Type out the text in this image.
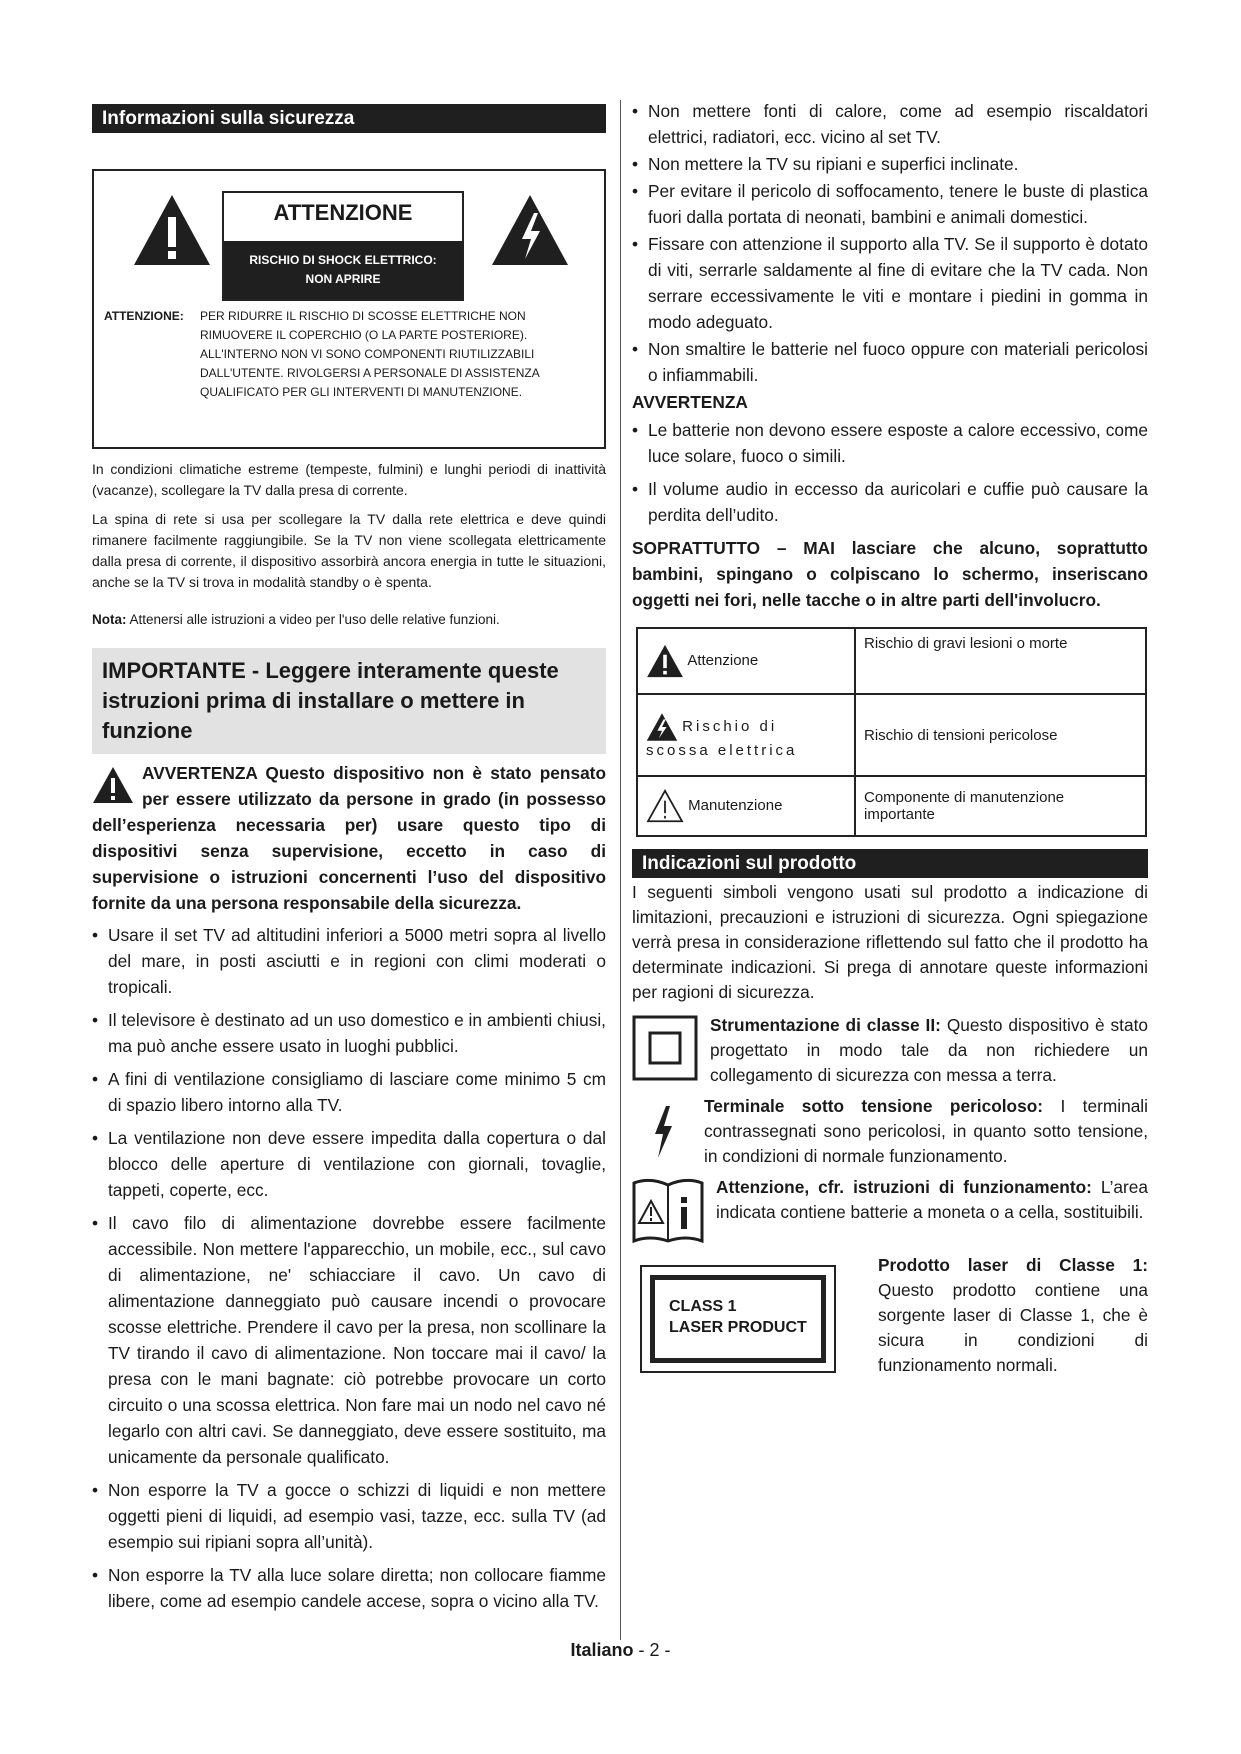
Informazioni sulla sicurezza
ATTENZIONE
RISCHIO DI SHOCK ELETTRICO:
NON APRIRE
ATTENZIONE: PER RIDURRE IL RISCHIO DI SCOSSE ELETTRICHE NON
RIMUOVERE IL COPERCHIO (O LA PARTE POSTERIORE).
ALL'INTERNO NON VI SONO COMPONENTI RIUTILIZZABILI
DALL'UTENTE. RIVOLGERSI A PERSONALE DI ASSISTENZA
QUALIFICATO PER GLI INTERVENTI DI MANUTENZIONE.

In condizioni climatiche estreme (tempeste, fulmini) e lunghi periodi di inattività (vacanze), scollegare la TV dalla presa di corrente.

La spina di rete si usa per scollegare la TV dalla rete elettrica e deve quindi rimanere facilmente raggiungibile. Se la TV non viene scollegata elettricamente dalla presa di corrente, il dispositivo assorbirà ancora energia in tutte le situazioni, anche se la TV si trova in modalità standby o è spenta.

Nota: Attenersi alle istruzioni a video per l'uso delle relative funzioni.

IMPORTANTE - Leggere interamente queste istruzioni prima di installare o mettere in funzione
AVVERTENZA Questo dispositivo non è stato pensato per essere utilizzato da persone in grado (in possesso dell’esperienza necessaria per) usare questo tipo di dispositivi senza supervisione, eccetto in caso di supervisione o istruzioni concernenti l’uso del dispositivo fornite da una persona responsabile della sicurezza.
• Usare il set TV ad altitudini inferiori a 5000 metri sopra al livello del mare, in posti asciutti e in regioni con climi moderati o tropicali.
• Il televisore è destinato ad un uso domestico e in ambienti chiusi, ma può anche essere usato in luoghi pubblici.
• A fini di ventilazione consigliamo di lasciare come minimo 5 cm di spazio libero intorno alla TV.
• La ventilazione non deve essere impedita dalla copertura o dal blocco delle aperture di ventilazione con giornali, tovaglie, tappeti, coperte, ecc.
• Il cavo filo di alimentazione dovrebbe essere facilmente accessibile. Non mettere l'apparecchio, un mobile, ecc., sul cavo di alimentazione, ne' schiacciare il cavo. Un cavo di alimentazione danneggiato può causare incendi o provocare scosse elettriche. Prendere il cavo per la presa, non scollinare la TV tirando il cavo di alimentazione. Non toccare mai il cavo/ la presa con le mani bagnate: ciò potrebbe provocare un corto circuito o una scossa elettrica. Non fare mai un nodo nel cavo né legarlo con altri cavi. Se danneggiato, deve essere sostituito, ma unicamente da personale qualificato.
• Non esporre la TV a gocce o schizzi di liquidi e non mettere oggetti pieni di liquidi, ad esempio vasi, tazze, ecc. sulla TV (ad esempio sui ripiani sopra all’unità).
• Non esporre la TV alla luce solare diretta; non collocare fiamme libere, come ad esempio candele accese, sopra o vicino alla TV.
• Non mettere fonti di calore, come ad esempio riscaldatori elettrici, radiatori, ecc. vicino al set TV.
• Non mettere la TV su ripiani e superfici inclinate.
• Per evitare il pericolo di soffocamento, tenere le buste di plastica fuori dalla portata di neonati, bambini e animali domestici.
• Fissare con attenzione il supporto alla TV. Se il supporto è dotato di viti, serrarle saldamente al fine di evitare che la TV cada. Non serrare eccessivamente le viti e montare i piedini in gomma in modo adeguato.
• Non smaltire le batterie nel fuoco oppure con materiali pericolosi o infiammabili.
AVVERTENZA
• Le batterie non devono essere esposte a calore eccessivo, come luce solare, fuoco o simili.
• Il volume audio in eccesso da auricolari e cuffie può causare la perdita dell’udito.

SOPRATTUTTO – MAI lasciare che alcuno, soprattutto bambini, spingano o colpiscano lo schermo, inseriscano oggetti nei fori, nelle tacche o in altre parti dell'involucro.

Attenzione	Rischio di gravi lesioni o morte
Rischio di scossa elettrica	Rischio di tensioni pericolose
Manutenzione	Componente di manutenzione importante
Indicazioni sul prodotto

I seguenti simboli vengono usati sul prodotto a indicazione di limitazioni, precauzioni e istruzioni di sicurezza. Ogni spiegazione verrà presa in considerazione riflettendo sul fatto che il prodotto ha determinate indicazioni. Si prega di annotare queste informazioni per ragioni di sicurezza.

Strumentazione di classe II: Questo dispositivo è stato progettato in modo tale da non richiedere un collegamento di sicurezza con messa a terra.
Terminale sotto tensione pericoloso: I terminali contrassegnati sono pericolosi, in quanto sotto tensione, in condizioni di normale funzionamento.
Attenzione, cfr. istruzioni di funzionamento: L’area indicata contiene batterie a moneta o a cella, sostituibili.
CLASS 1
LASER PRODUCT
Prodotto laser di Classe 1: Questo prodotto contiene una sorgente laser di Classe 1, che è sicura in condizioni di funzionamento normali.
Italiano - 2 -
